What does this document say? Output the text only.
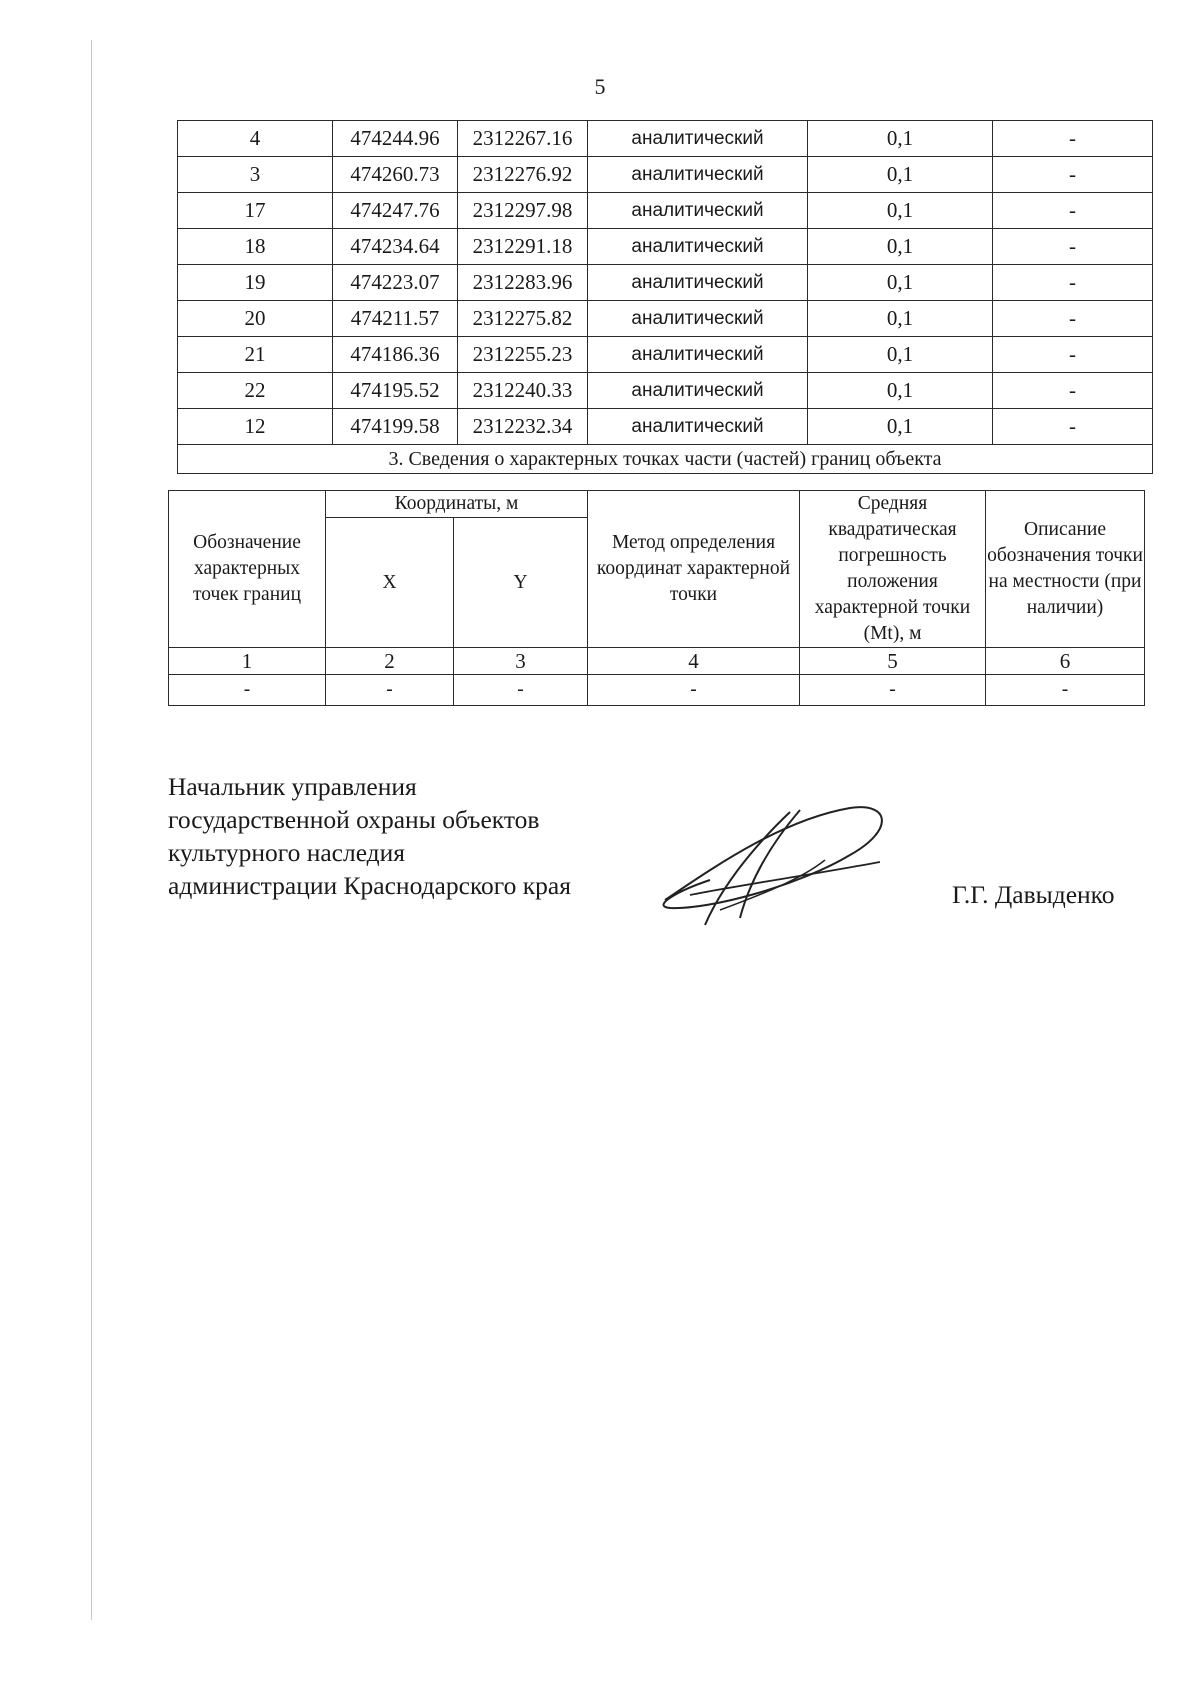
5
4	474244.96	2312267.16	аналитический	0,1	-
3	474260.73	2312276.92	аналитический	0,1	-
17	474247.76	2312297.98	аналитический	0,1	-
18	474234.64	2312291.18	аналитический	0,1	-
19	474223.07	2312283.96	аналитический	0,1	-
20	474211.57	2312275.82	аналитический	0,1	-
21	474186.36	2312255.23	аналитический	0,1	-
22	474195.52	2312240.33	аналитический	0,1	-
12	474199.58	2312232.34	аналитический	0,1	-
3. Сведения о характерных точках части (частей) границ объекта					
Обозначение характерных точек границ	Координаты, м		Метод определения координат характерной точки	Средняя квадратическая погрешность положения характерной точки (Mt), м	Описание обозначения точки на местности (при наличии)
	X	Y			
1	2	3	4	5	6
-	-	-	-	-	-
Начальник управления
государственной охраны объектов
культурного наследия
администрации Краснодарского края	Г.Г. Давыденко
